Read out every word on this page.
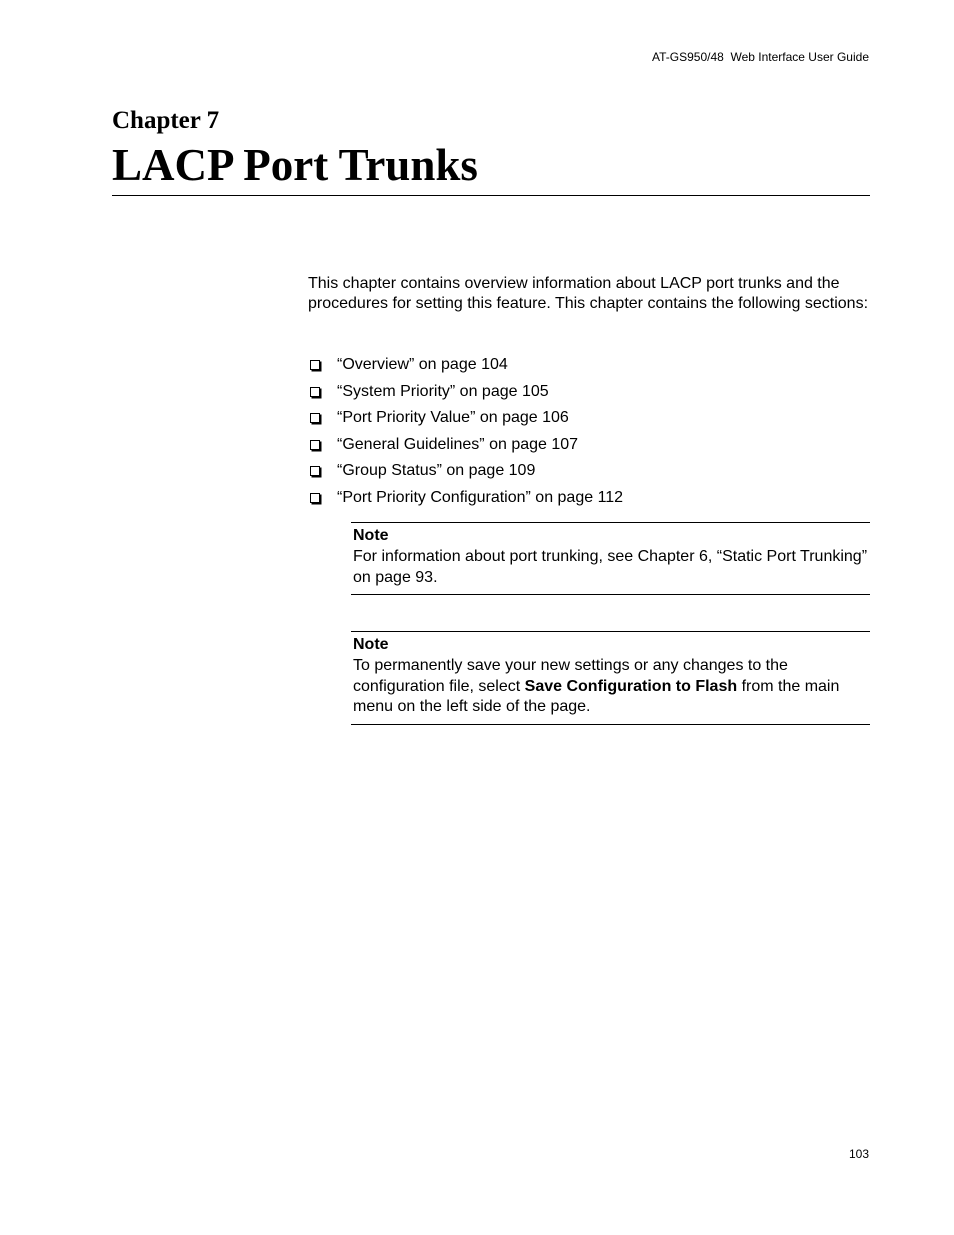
AT-GS950/48  Web Interface User Guide
Chapter 7
LACP Port Trunks

This chapter contains overview information about LACP port trunks and the procedures for setting this feature. This chapter contains the following sections:

“Overview” on page 104
“System Priority” on page 105
“Port Priority Value” on page 106
“General Guidelines” on page 107
“Group Status” on page 109
“Port Priority Configuration” on page 112
Note
For information about port trunking, see Chapter 6, “Static Port Trunking” on page 93.
Note
To permanently save your new settings or any changes to the configuration file, select Save Configuration to Flash from the main menu on the left side of the page.
103
